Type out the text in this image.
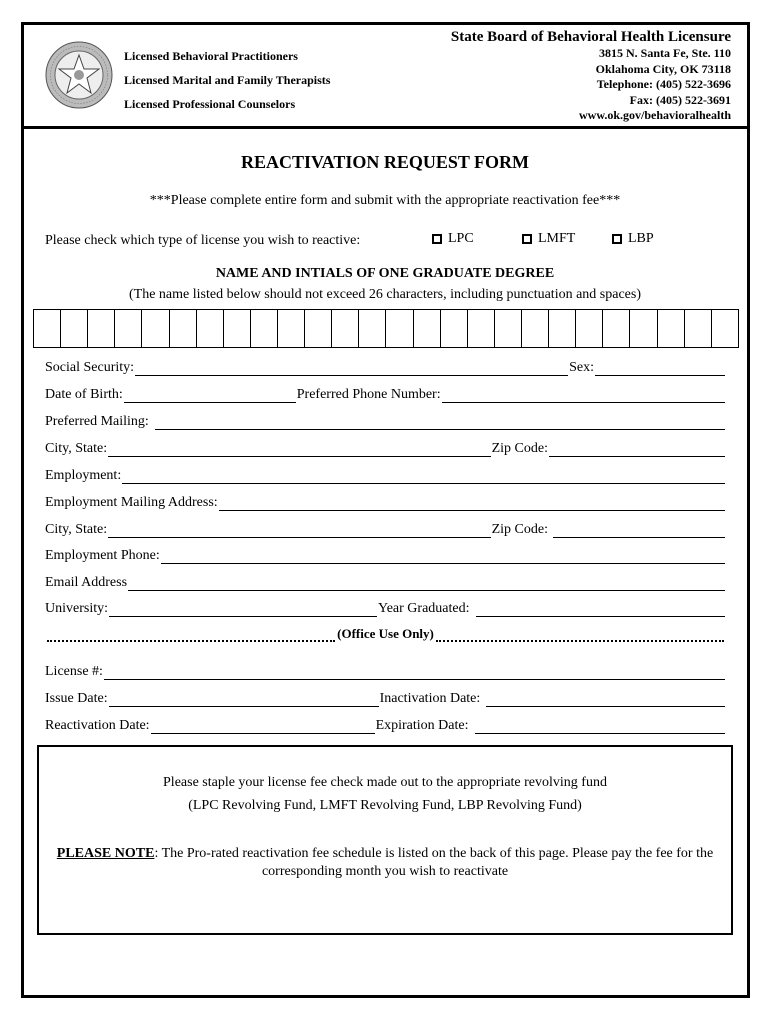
Licensed Behavioral Practitioners
Licensed Marital and Family Therapists
Licensed Professional Counselors
State Board of Behavioral Health Licensure
3815 N. Santa Fe, Ste. 110
Oklahoma City, OK 73118
Telephone: (405) 522-3696
Fax: (405) 522-3691
www.ok.gov/behavioralhealth
REACTIVATION REQUEST FORM
***Please complete entire form and submit with the appropriate reactivation fee***
Please check which type of license you wish to reactive:	LPC	LMFT	LBP
NAME AND INTIALS OF ONE GRADUATE DEGREE
(The name listed below should not exceed 26 characters, including punctuation and spaces)
Social Security:	Sex:
Date of Birth:	Preferred Phone Number:
Preferred Mailing:
City, State:	Zip Code:
Employment:
Employment Mailing Address:
City, State:	Zip Code:
Employment Phone:
Email Address
University:	Year Graduated:
(Office Use Only)
License #:
Issue Date:	Inactivation Date:
Reactivation Date:	Expiration Date:
Please staple your license fee check made out to the appropriate revolving fund
(LPC Revolving Fund, LMFT Revolving Fund, LBP Revolving Fund)
PLEASE NOTE: The Pro-rated reactivation fee schedule is listed on the back of this page. Please pay the fee for the corresponding month you wish to reactivate
